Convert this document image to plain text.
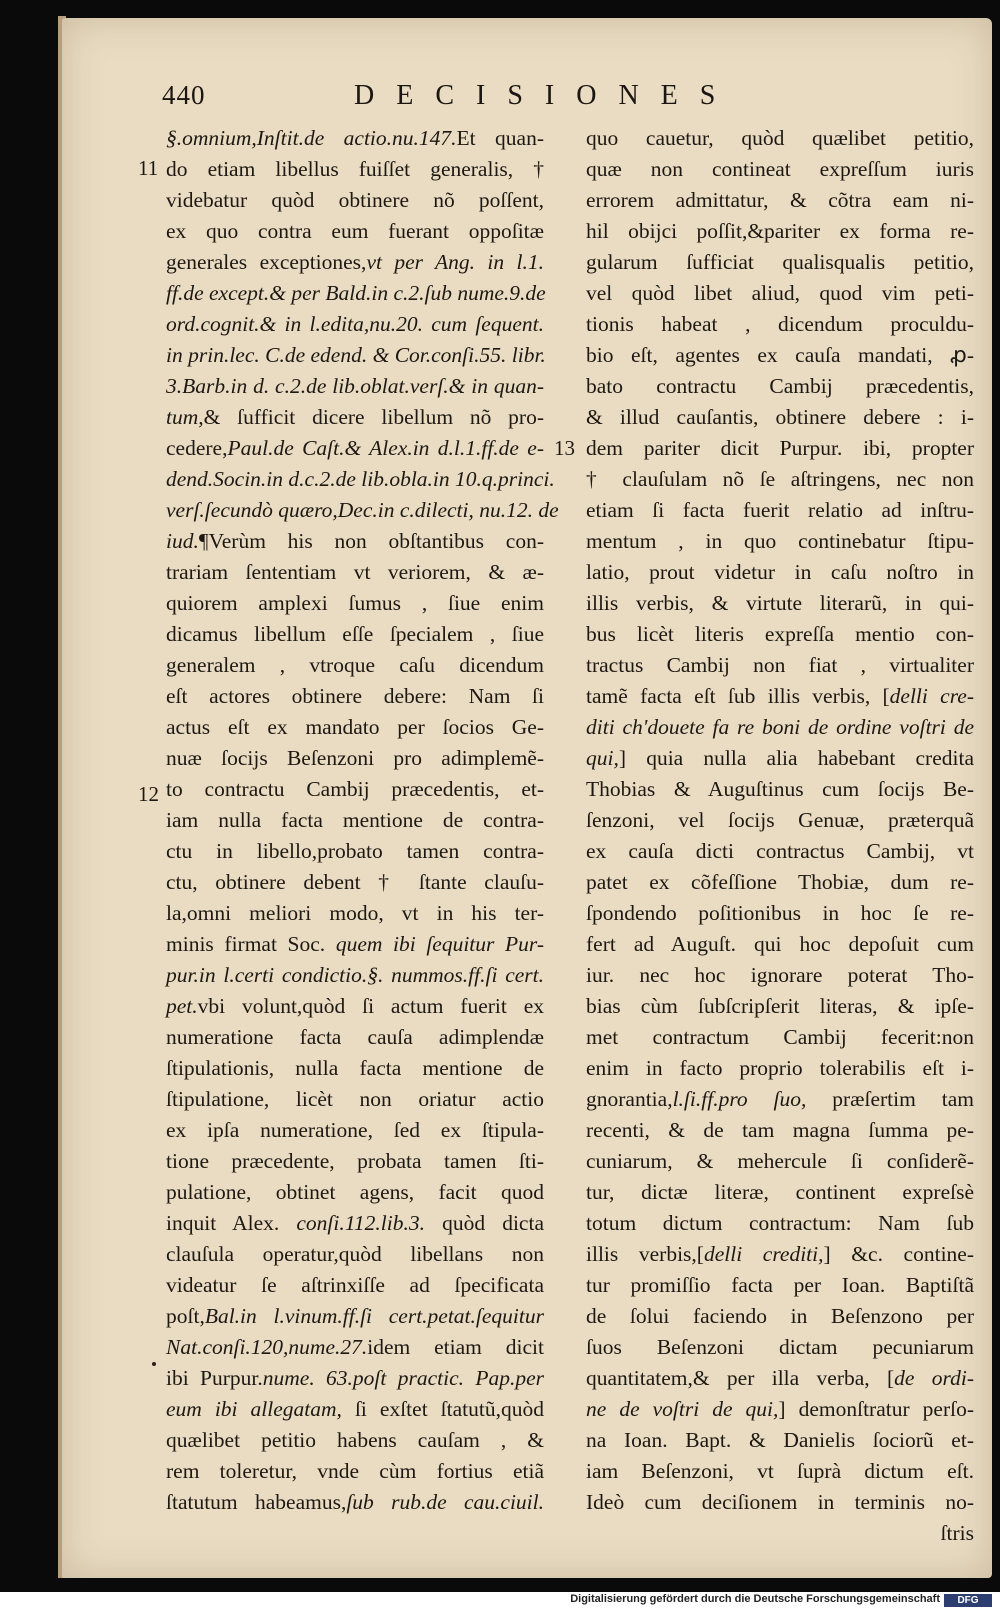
440	DECISIONES
11
12
13
§.omnium,Inſtit.de actio.nu.147.Et quan-
do etiam libellus fuiſſet generalis, †
videbatur quòd obtinere nõ poſſent,
ex quo contra eum fuerant oppoſitæ
generales exceptiones,vt per Ang. in l.1.
ff.de except.& per Bald.in c.2.ſub nume.9.de
ord.cognit.& in l.edita,nu.20. cum ſequent.
in prin.lec. C.de edend. & Cor.conſi.55. libr.
3.Barb.in d. c.2.de lib.oblat.verſ.& in quan-
tum,& ſufficit dicere libellum nõ pro-
cedere,Paul.de Caſt.& Alex.in d.l.1.ff.de e-
dend.Socin.in d.c.2.de lib.obla.in 10.q.princi.
verſ.ſecundò quæro,Dec.in c.dilecti, nu.12. de
iud.¶Verùm his non obſtantibus con-
trariam ſententiam vt veriorem, & æ-
quiorem amplexi ſumus , ſiue enim
dicamus libellum eſſe ſpecialem , ſiue
generalem , vtroque caſu dicendum
eſt actores obtinere debere: Nam ſi
actus eſt ex mandato per ſocios Ge-
nuæ ſocijs Beſenzoni pro adimplemẽ-
to contractu Cambij præcedentis, et-
iam nulla facta mentione de contra-
ctu in libello,probato tamen contra-
ctu, obtinere debent † ſtante clauſu-
la,omni meliori modo, vt in his ter-
minis firmat Soc. quem ibi ſequitur Pur-
pur.in l.certi condictio.§. nummos.ff.ſi cert.
pet.vbi volunt,quòd ſi actum fuerit ex
numeratione facta cauſa adimplendæ
ſtipulationis, nulla facta mentione de
ſtipulatione, licèt non oriatur actio
ex ipſa numeratione, ſed ex ſtipula-
tione præcedente, probata tamen ſti-
pulatione, obtinet agens, facit quod
inquit Alex. conſi.112.lib.3. quòd dicta
clauſula operatur,quòd libellans non
videatur ſe aſtrinxiſſe ad ſpecificata
poſt,Bal.in l.vinum.ff.ſi cert.petat.ſequitur
Nat.conſi.120,nume.27.idem etiam dicit
ibi Purpur.nume. 63.poſt practic. Pap.per
eum ibi allegatam, ſi exſtet ſtatutũ,quòd
quælibet petitio habens cauſam , &
rem toleretur, vnde cùm fortius etiã
ſtatutum habeamus,ſub rub.de cau.ciuil.
quo cauetur, quòd quælibet petitio,
quæ non contineat expreſſum iuris
errorem admittatur, & cõtra eam ni-
hil obijci poſſit,&pariter ex forma re-
gularum ſufficiat qualisqualis petitio,
vel quòd libet aliud, quod vim peti-
tionis habeat , dicendum proculdu-
bio eſt, agentes ex cauſa mandati, ꝓ-
bato contractu Cambij præcedentis,
& illud cauſantis, obtinere debere : i-
dem pariter dicit Purpur. ibi, propter
† clauſulam nõ ſe aſtringens, nec non
etiam ſi facta fuerit relatio ad inſtru-
mentum , in quo continebatur ſtipu-
latio, prout videtur in caſu noſtro in
illis verbis, & virtute literarũ, in qui-
bus licèt literis expreſſa mentio con-
tractus Cambij non fiat , virtualiter
tamẽ facta eſt ſub illis verbis, [delli cre-
diti ch'douete fa re boni de ordine voſtri de
qui,] quia nulla alia habebant credita
Thobias & Auguſtinus cum ſocijs Be-
ſenzoni, vel ſocijs Genuæ, præterquã
ex cauſa dicti contractus Cambij, vt
patet ex cõfeſſione Thobiæ, dum re-
ſpondendo poſitionibus in hoc ſe re-
fert ad Auguſt. qui hoc depoſuit cum
iur. nec hoc ignorare poterat Tho-
bias cùm ſubſcripſerit literas, & ipſe-
met contractum Cambij fecerit:non
enim in facto proprio tolerabilis eſt i-
gnorantia,l.ſi.ff.pro ſuo, præſertim tam
recenti, & de tam magna ſumma pe-
cuniarum, & mehercule ſi conſiderẽ-
tur, dictæ literæ, continent expreſsè
totum dictum contractum: Nam ſub
illis verbis,[delli crediti,] &c. contine-
tur promiſſio facta per Ioan. Baptiſtã
de ſolui faciendo in Beſenzono per
ſuos Beſenzoni dictam pecuniarum
quantitatem,& per illa verba, [de ordi-
ne de voſtri de qui,] demonſtratur perſo-
na Ioan. Bapt. & Danielis ſociorũ et-
iam Beſenzoni, vt ſuprà dictum eſt.
Ideò cum deciſionem in terminis no-
ſtris
Digitalisierung gefördert durch die Deutsche Forschungsgemeinschaft	DFG
